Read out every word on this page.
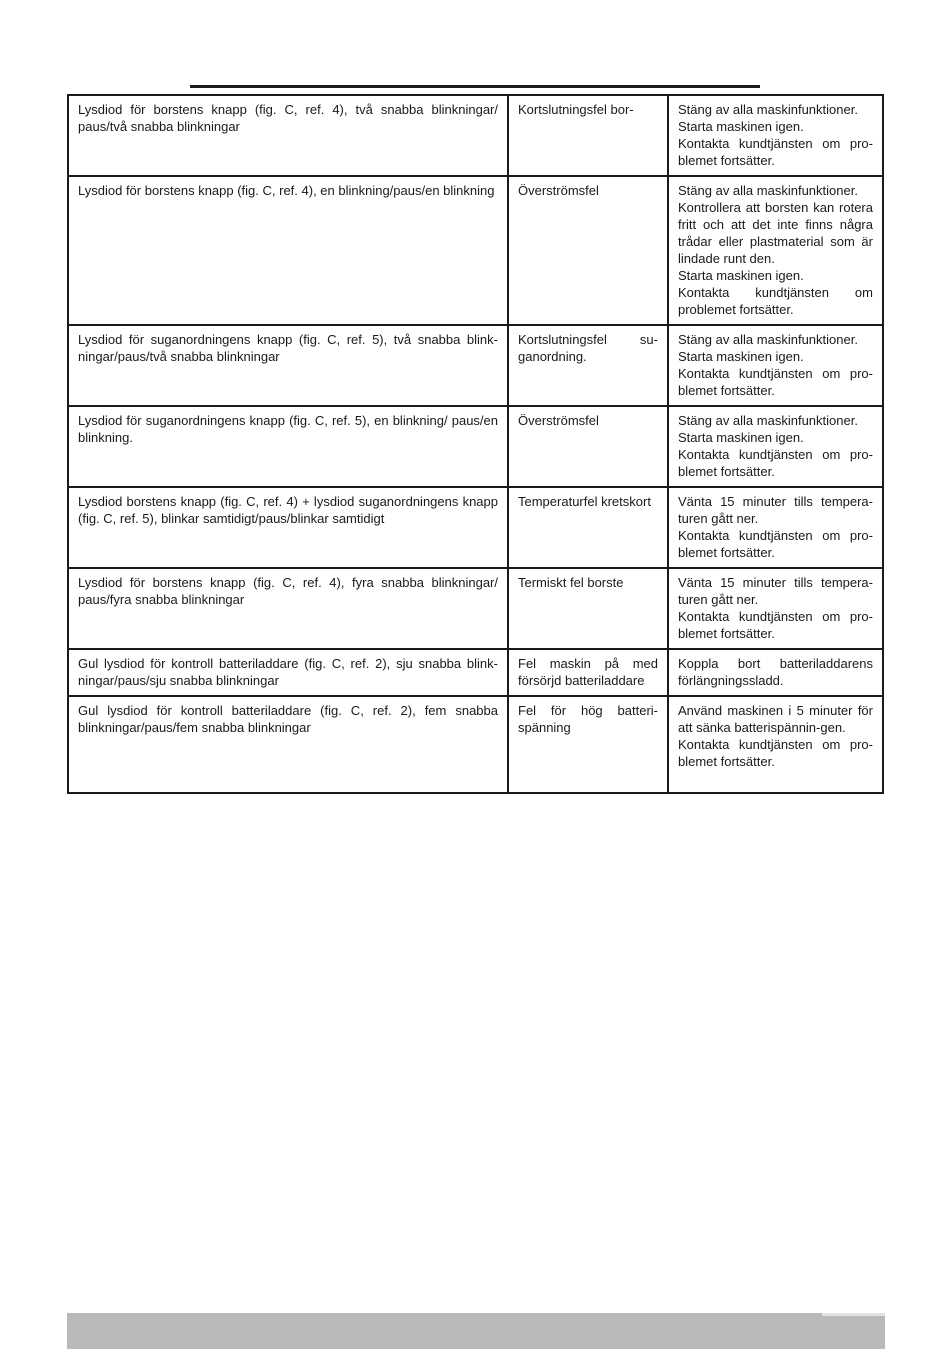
Lysdiod för borstens knapp (fig. C, ref. 4), två snabba blinkningar/ paus/två snabba blinkningar	Kortslutningsfel bor-	Stäng av alla maskinfunktioner.
Starta maskinen igen.
Kontakta kundtjänsten om pro-blemet fortsätter.

Lysdiod för borstens knapp (fig. C, ref. 4), en blinkning/paus/en blinkning	Överströmsfel	Stäng av alla maskinfunktioner.
Kontrollera att borsten kan rotera fritt och att det inte finns några trådar eller plastmaterial som är lindade runt den.
Starta maskinen igen.
Kontakta kundtjänsten om problemet fortsätter.

Lysdiod för suganordningens knapp (fig. C, ref. 5), två snabba blink-ningar/paus/två snabba blinkningar	Kortslutningsfel su-ganordning.	Stäng av alla maskinfunktioner.
Starta maskinen igen.
Kontakta kundtjänsten om pro-blemet fortsätter.

Lysdiod för suganordningens knapp (fig. C, ref. 5), en blinkning/ paus/en blinkning.	Överströmsfel	Stäng av alla maskinfunktioner.
Starta maskinen igen.
Kontakta kundtjänsten om pro-blemet fortsätter.

Lysdiod borstens knapp (fig. C, ref. 4) + lysdiod suganordningens knapp (fig. C, ref. 5), blinkar samtidigt/paus/blinkar samtidigt	Temperaturfel kretskort	Vänta 15 minuter tills tempera-turen gått ner.
Kontakta kundtjänsten om pro-blemet fortsätter.

Lysdiod för borstens knapp (fig. C, ref. 4), fyra snabba blinkningar/ paus/fyra snabba blinkningar	Termiskt fel borste	Vänta 15 minuter tills tempera-turen gått ner.
Kontakta kundtjänsten om pro-blemet fortsätter.

Gul lysdiod för kontroll batteriladdare (fig. C, ref. 2), sju snabba blink-ningar/paus/sju snabba blinkningar	Fel maskin på med försörjd batteriladdare	Koppla bort batteriladdarens förlängningssladd.

Gul lysdiod för kontroll batteriladdare (fig. C, ref. 2), fem snabba blinkningar/paus/fem snabba blinkningar	Fel för hög batteri-spänning	Använd maskinen i 5 minuter för att sänka batterispännin-gen.
Kontakta kundtjänsten om pro-blemet fortsätter.
